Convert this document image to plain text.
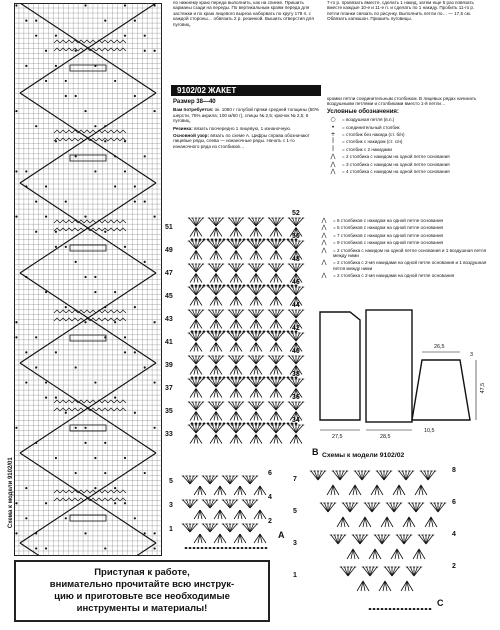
Схема к модели 9102/01
по нижнему краю переда выполнить, как на спинке. Пришить карманы сзади на переды. По вертикальным краям переда для застежки и по краю лицевого выреза наборвать по кругу 178 п. с каждой стороны… обвязать 2 р. резинкой. Вышить отверстия для пуговиц.
7-го р. провязать вместе, сделать 1 накид, затем еще 5 раз повязать вместе каждые 10-е и 11-е п. и сделать по 1 накиду. Пробить 11-го р. петли планки связать по рисунку. Выполнить петли по… — 17,5 см. Обвязать капюшон. Пришить пуговицы.
9102/02 ЖАКЕТ
Размер 38—40
Вам потребуется: ок. 1050 г голубой пряжи средней толщины (50% шерсти, 75% акрила; 100 м/50 г), спицы № 2,5; крючок № 2,5; 6 пуговиц.
Резинка: вязать поочередно 1 лицевую, 1 изнаночную.
Основной узор: вязать по схеме А. Цифры справа обозначают лицевые ряды, слева — изнаночные ряды. Начать с 1-го изнаночного ряда из столбиков…
кромки петли соединительным столбиком. В лицевых рядах начинать воздушными петлями и столбиками вместо 1-й петли…
Условные обозначения:
○	= воздушная петля (в.п.)
•	= соединительный столбик
+	= столбик без накида (ст. б/н)
ꟾ	= столбик с накидом (ст. с/н)
ꟾ	= столбик с 2 накидами
⋀	= 2 столбика с накидом на одной петле основания
⋀	= 3 столбика с накидом на одной петле основания
⋀	= 4 столбика с накидом на одной петле основания
⋀	= 6 столбиков с накидом на одной петле основания
⋀	= 5 столбиков с накидом на одной петле основания
⋀	= 7 столбиков с накидом на одной петле основания
⋀	= 9 столбиков с накидом на одной петле основания
⋀	= 2 столбика с накидом на одной петле основания и 1 воздушная петля между ними
⋀	= 2 столбика с 2-мя накидами на одной петле основания и 1 воздушная петля между ними
⋀	= 2 столбика с 2-мя накидами на одной петле основания
52
50
48
46
44
42
40
38
36
34
51
49
47
45
43
41
39
37
35
33	27,5	28,5
10,5
26,5
47,5
3
B Схемы к модели 9102/02
6
4
2
5
3
1
A
8
6
4
2
7
5
3
1
C
Приступая к работе,
внимательно прочитайте всю инструк-
цию и приготовьте все необходимые
инструменты и материалы!
